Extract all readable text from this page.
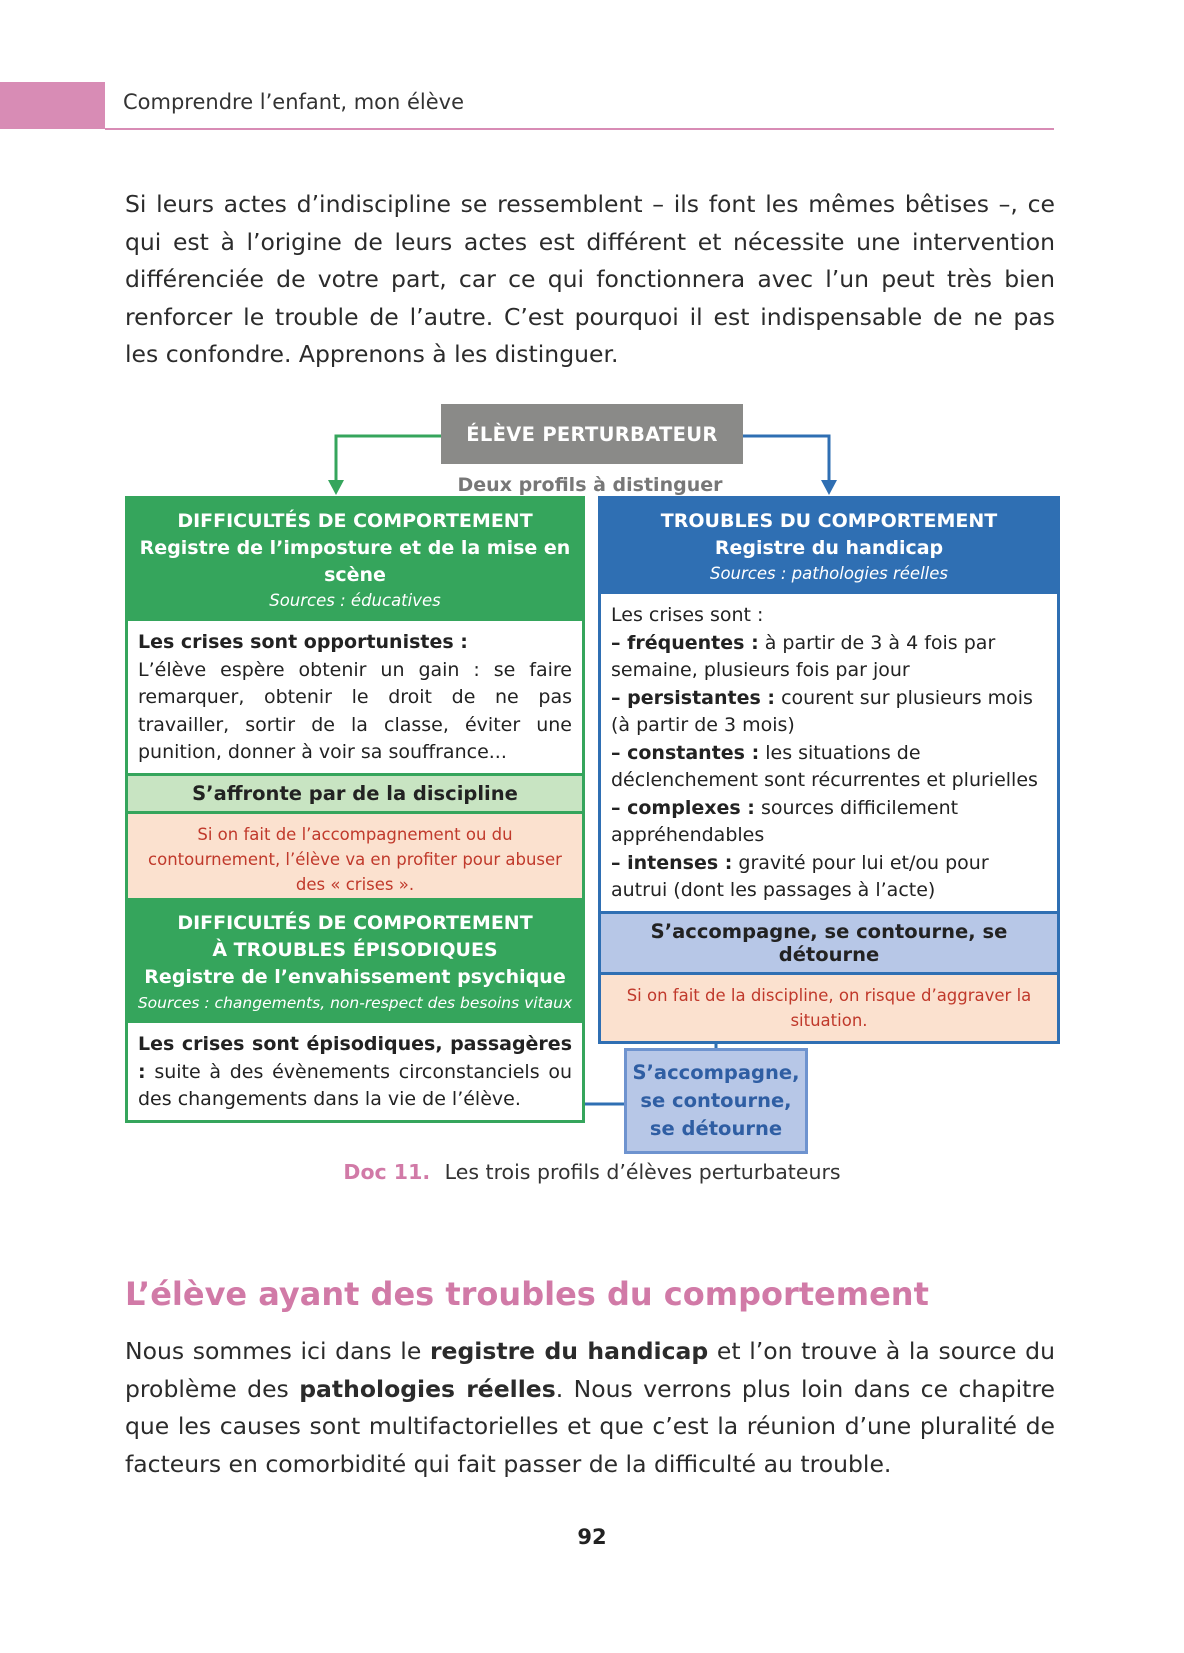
Comprendre l’enfant, mon élève
Si leurs actes d’indiscipline se ressemblent – ils font les mêmes bêtises –, ce qui est à l’origine de leurs actes est différent et nécessite une intervention différenciée de votre part, car ce qui fonctionnera avec l’un peut très bien renforcer le trouble de l’autre. C’est pourquoi il est indispensable de ne pas les confondre. Apprenons à les distinguer.
ÉLÈVE PERTURBATEUR
Deux profils à distinguer
DIFFICULTÉS DE COMPORTEMENT
Registre de l’imposture et de la mise en scène
Sources : éducatives
Les crises sont opportunistes :
L’élève espère obtenir un gain : se faire remarquer, obtenir le droit de ne pas travailler, sortir de la classe, éviter une punition, donner à voir sa souffrance...
S’affronte par de la discipline
Si on fait de l’accompagnement ou du contournement, l’élève va en profiter pour abuser des « crises ».
DIFFICULTÉS DE COMPORTEMENT
À TROUBLES ÉPISODIQUES
Registre de l’envahissement psychique
Sources : changements, non-respect des besoins vitaux
Les crises sont épisodiques, passagères : suite à des évènements circonstanciels ou des changements dans la vie de l’élève.
TROUBLES DU COMPORTEMENT
Registre du handicap
Sources : pathologies réelles
Les crises sont :
– fréquentes : à partir de 3 à 4 fois par semaine, plusieurs fois par jour
– persistantes : courent sur plusieurs mois (à partir de 3 mois)
– constantes : les situations de déclenchement sont récurrentes et plurielles
– complexes : sources difficilement appréhendables
– intenses : gravité pour lui et/ou pour autrui (dont les passages à l’acte)
S’accompagne, se contourne, se détourne
Si on fait de la discipline, on risque d’aggraver la situation.
S’accompagne,
se contourne,
se détourne
Doc 11. Les trois profils d’élèves perturbateurs
L’élève ayant des troubles du comportement
Nous sommes ici dans le registre du handicap et l’on trouve à la source du problème des pathologies réelles. Nous verrons plus loin dans ce chapitre que les causes sont multifactorielles et que c’est la réunion d’une pluralité de facteurs en comorbidité qui fait passer de la difficulté au trouble.
92
